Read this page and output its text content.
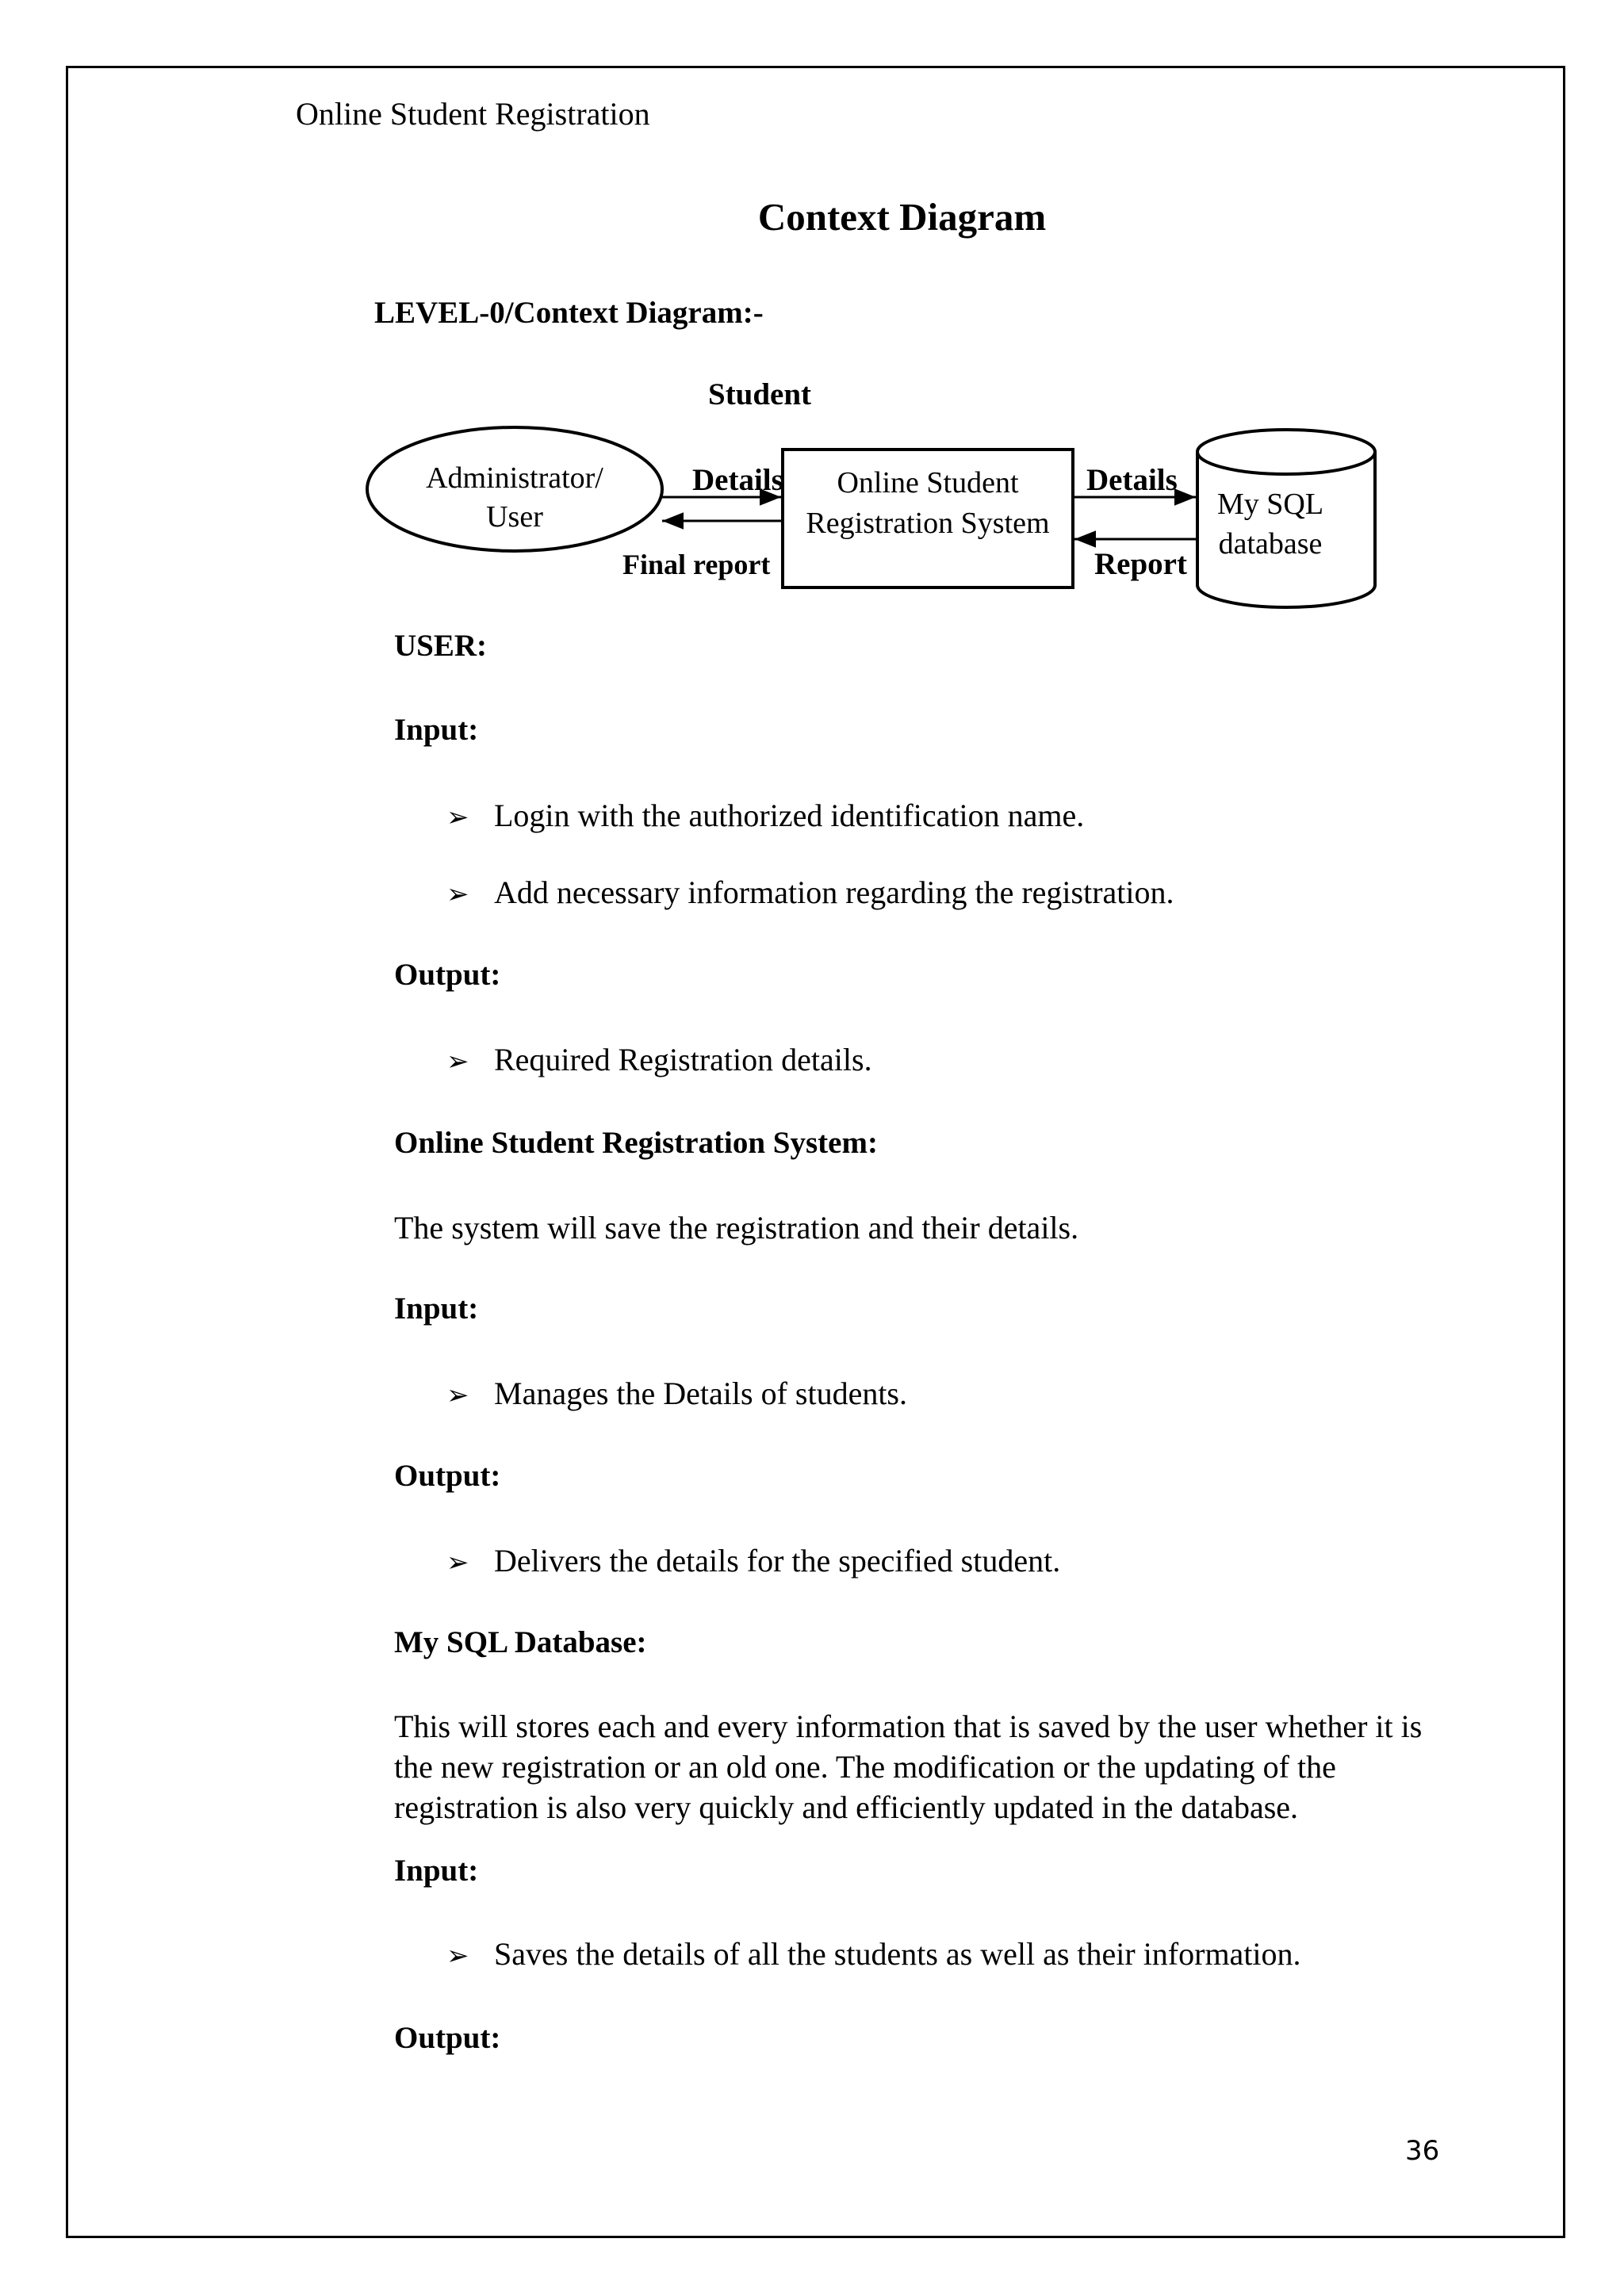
Online Student Registration
Context Diagram
LEVEL-0/Context Diagram:-
Student
Administrator/
User
Online Student
Registration System
My SQL
database
Details
Final report
Details
Report
USER:
Input:
➢ Login with the authorized identification name.
➢ Add necessary information regarding the registration.
Output:
➢ Required Registration details.
Online Student Registration System:
The system will save the registration and their details.
Input:
➢ Manages the Details of students.
Output:
➢ Delivers the details for the specified student.
My SQL Database:
This will stores each and every information that is saved by the user whether it is the new registration or an old one. The modification or the updating of the registration is also very quickly and efficiently updated in the database.
Input:
➢ Saves the details of all the students as well as their information.
Output:
36
